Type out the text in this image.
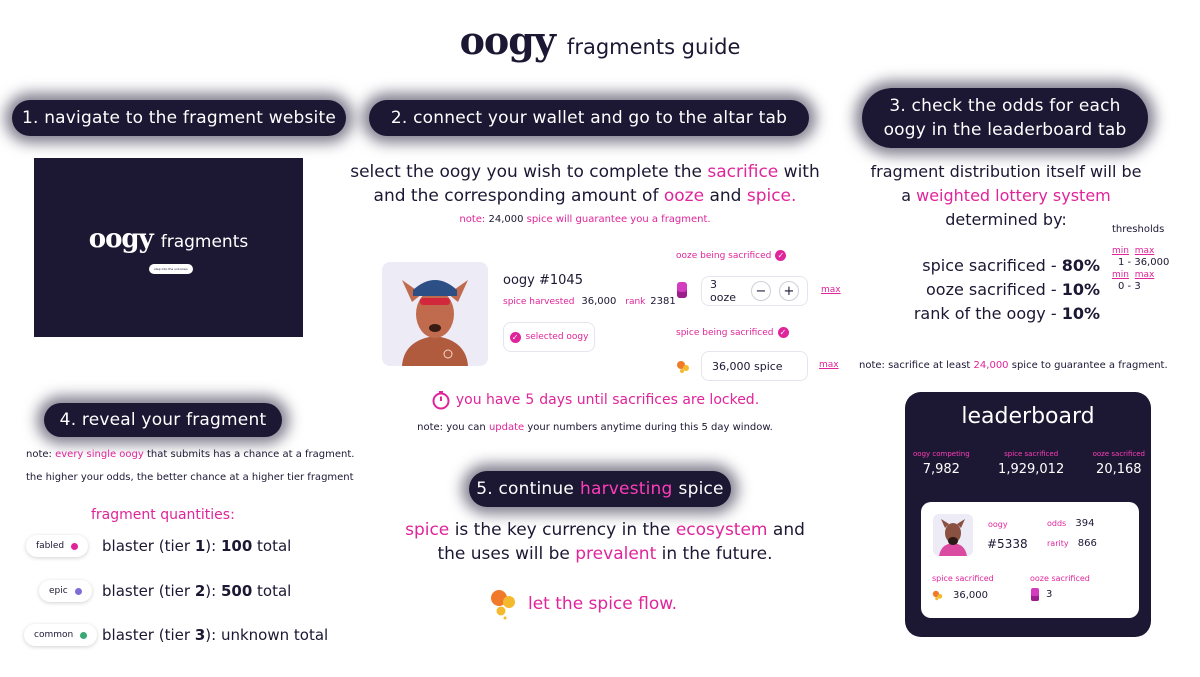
oogy fragments guide
1. navigate to the fragment website	2. connect your wallet and go to the altar tab
3. check the odds for each
oogy in the leaderboard tab
4. reveal your fragment
5. continue harvesting spice
oogy fragments
step into the unknown
select the oogy you wish to complete the sacrifice with
and the corresponding amount of ooze and spice.
note: 24,000 spice will guarantee you a fragment.
oogy #1045
spice harvested 36,000 rank 2381
✓ selected oogy
ooze being sacrificed ✓
3 ooze	−	+	max
spice being sacrificed ✓
36,000 spice	max
you have 5 days until sacrifices are locked.
note: you can update your numbers anytime during this 5 day window.
fragment distribution itself will be
a weighted lottery system
determined by:
spice sacrificed - 80%
ooze sacrificed - 10%
rank of the oogy - 10%
thresholds
min max
1 - 36,000
min max
0 - 3
note: sacrifice at least 24,000 spice to guarantee a fragment.
leaderboard
oogy competing
7,982
spice sacrificed
1,929,012
ooze sacrificed
20,168
oogy
#5338
odds 394
rarity 866
spice sacrificed
36,000
ooze sacrificed
3
note: every single oogy that submits has a chance at a fragment.
the higher your odds, the better chance at a higher tier fragment
fragment quantities:
fabled	blaster (tier 1): 100 total
epic blaster (tier 2): 500 total
common blaster (tier 3): unknown total
spice is the key currency in the ecosystem and
the uses will be prevalent in the future.
let the spice flow.
